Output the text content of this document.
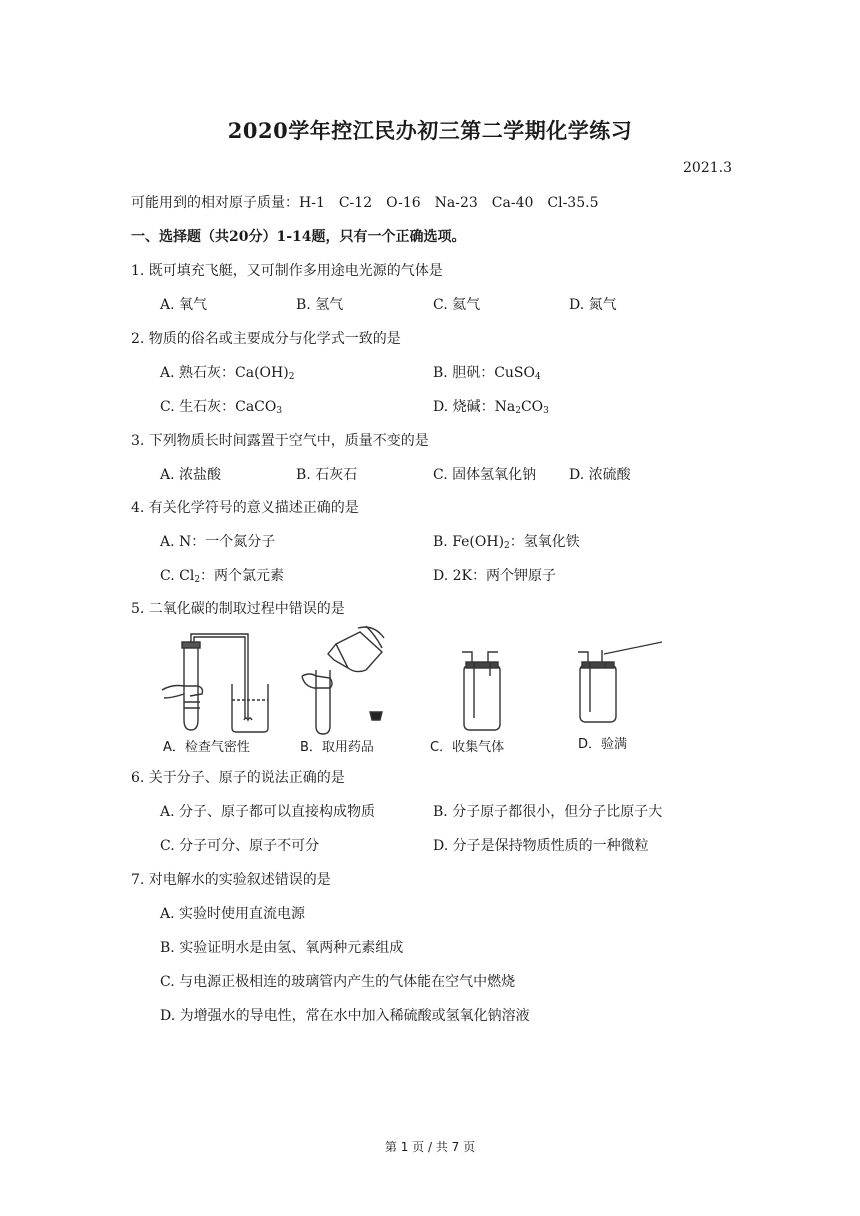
2020学年控江民办初三第二学期化学练习
2021.3
可能用到的相对原子质量：H-1　C-12　O-16　Na-23　Ca-40　Cl-35.5
一、选择题（共20分）1-14题，只有一个正确选项。
1. 既可填充飞艇，又可制作多用途电光源的气体是
A. 氧气	B. 氢气	C. 氦气	D. 氮气
2. 物质的俗名或主要成分与化学式一致的是
A. 熟石灰：$Ca(OH)_2$	B. 胆矾：CuSO$_4$
C. 生石灰：CaCO$_3$	D. 烧碱：$Na_2CO_3$
3. 下列物质长时间露置于空气中，质量不变的是
A. 浓盐酸	B. 石灰石	C. 固体氢氧化钠 D. 浓硫酸
4. 有关化学符号的意义描述正确的是
A. N：一个氮分子	B. $Fe(OH)_2$：氢氧化铁
C. $Cl_2$：两个氯元素	D. 2K：两个钾原子
5. 二氧化碳的制取过程中错误的是
A．检查气密性	B．取用药品	C．收集气体	D．验满
6. 关于分子、原子的说法正确的是
A. 分子、原子都可以直接构成物质	B. 分子原子都很小，但分子比原子大
C. 分子可分、原子不可分	D. 分子是保持物质性质的一种微粒
7. 对电解水的实验叙述错误的是
A. 实验时使用直流电源
B. 实验证明水是由氢、氧两种元素组成
C. 与电源正极相连的玻璃管内产生的气体能在空气中燃烧
D. 为增强水的导电性，常在水中加入稀硫酸或氢氧化钠溶液
第 1 页 / 共 7 页
